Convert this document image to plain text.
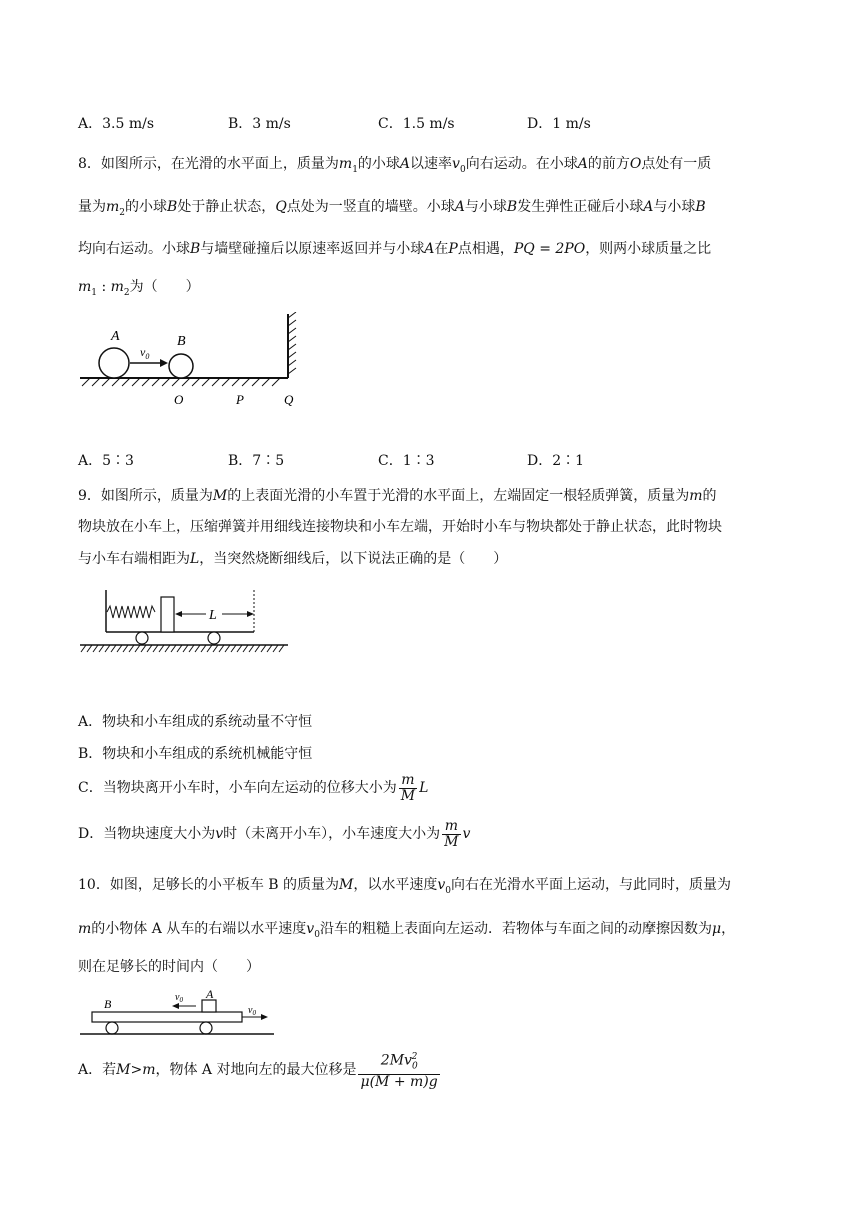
A．3.5 m/s	B．3 m/s	C．1.5 m/s	D．1 m/s
8．如图所示，在光滑的水平面上，质量为$m_1$的小球A以速率$v_0$向右运动。在小球A的前方O点处有一质
量为$m_2$的小球B处于静止状态，Q点处为一竖直的墙壁。小球A与小球B发生弹性正碰后小球A与小球B
均向右运动。小球B与墙壁碰撞后以原速率返回并与小球A在P点相遇，PQ = 2PO，则两小球质量之比
$m_1$ : $m_2$为（　　）
A	B
$v_0$
O	P	Q
A．5∶3	B．7∶5	C．1∶3	D．2∶1
9．如图所示，质量为M的上表面光滑的小车置于光滑的水平面上，左端固定一根轻质弹簧，质量为m的
物块放在小车上，压缩弹簧并用细线连接物块和小车左端，开始时小车与物块都处于静止状态，此时物块
与小车右端相距为L，当突然烧断细线后，以下说法正确的是（　　）
L
A．物块和小车组成的系统动量不守恒
B．物块和小车组成的系统机械能守恒
C．当物块离开小车时，小车向左运动的位移大小为 $\frac{m}{M}$ L
D．当物块速度大小为v时（未离开小车），小车速度大小为 $\frac{m}{M}$ v
10．如图，足够长的小平板车 B 的质量为M，以水平速度$v_0$向右在光滑水平面上运动，与此同时，质量为
m的小物体 A 从车的右端以水平速度$v_0$沿车的粗糙上表面向左运动．若物体与车面之间的动摩擦因数为μ，
则在足够长的时间内（　　）
A
B	$v_0$
$v_0$
A．若M>m，物体 A 对地向左的最大位移是 $\frac{2Mv_0^2}{\mu(M + m)g}$
